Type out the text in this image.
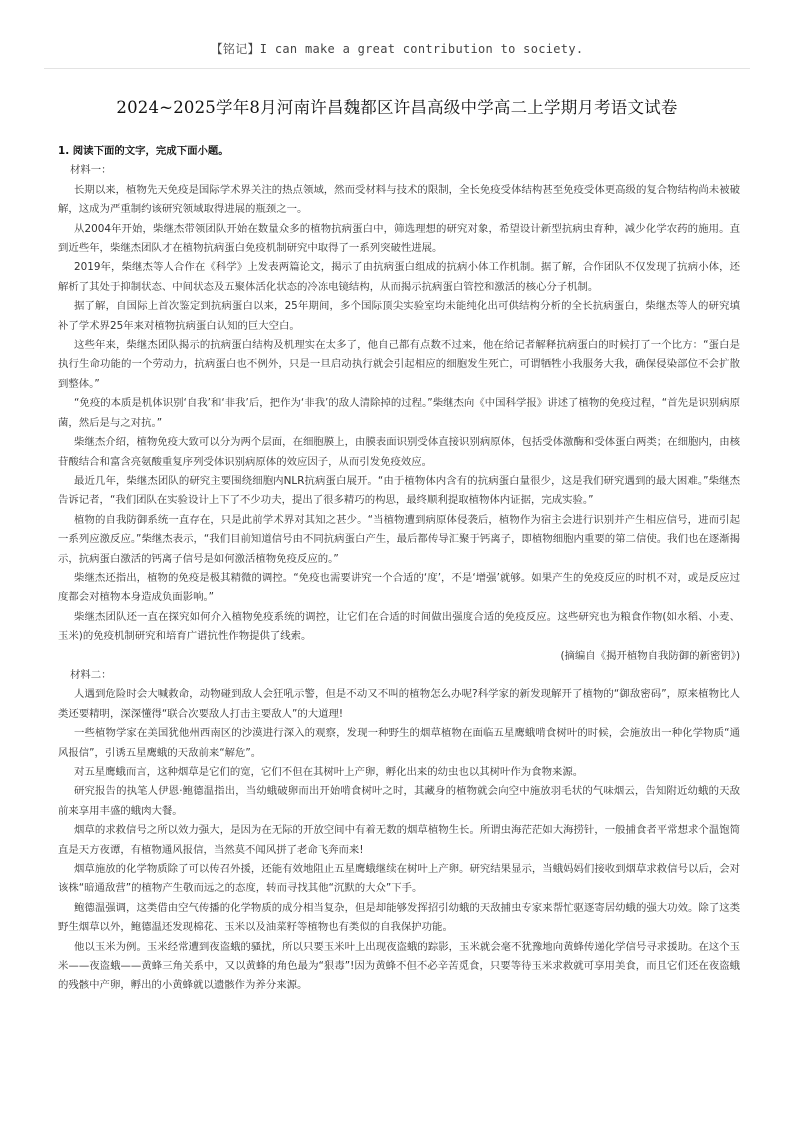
【铭记】I can make a great contribution to society.
2024~2025学年8月河南许昌魏都区许昌高级中学高二上学期月考语文试卷
1. 阅读下面的文字，完成下面小题。
材料一：

长期以来，植物先天免疫是国际学术界关注的热点领域，然而受材料与技术的限制，全长免疫受体结构甚至免疫受体更高级的复合物结构尚未被破解，这成为严重制约该研究领域取得进展的瓶颈之一。

从2004年开始，柴继杰带领团队开始在数量众多的植物抗病蛋白中，筛选理想的研究对象，希望设计新型抗病虫育种，减少化学农药的施用。直到近些年，柴继杰团队才在植物抗病蛋白免疫机制研究中取得了一系列突破性进展。

2019年，柴继杰等人合作在《科学》上发表两篇论文，揭示了由抗病蛋白组成的抗病小体工作机制。据了解，合作团队不仅发现了抗病小体，还解析了其处于抑制状态、中间状态及五聚体活化状态的冷冻电镜结构，从而揭示抗病蛋白管控和激活的核心分子机制。

据了解，自国际上首次鉴定到抗病蛋白以来，25年期间，多个国际顶尖实验室均未能纯化出可供结构分析的全长抗病蛋白，柴继杰等人的研究填补了学术界25年来对植物抗病蛋白认知的巨大空白。

这些年来，柴继杰团队揭示的抗病蛋白结构及机理实在太多了，他自己都有点数不过来，他在给记者解释抗病蛋白的时候打了一个比方：“蛋白是执行生命功能的一个劳动力，抗病蛋白也不例外，只是一旦启动执行就会引起相应的细胞发生死亡，可谓牺牲小我服务大我，确保侵染部位不会扩散到整体。”

“免疫的本质是机体识别‘自我’和‘非我’后，把作为‘非我’的敌人清除掉的过程。”柴继杰向《中国科学报》讲述了植物的免疫过程，“首先是识别病原菌，然后是与之对抗。”

柴继杰介绍，植物免疫大致可以分为两个层面，在细胞膜上，由膜表面识别受体直接识别病原体，包括受体激酶和受体蛋白两类；在细胞内，由核苷酸结合和富含亮氨酸重复序列受体识别病原体的效应因子，从而引发免疫效应。

最近几年，柴继杰团队的研究主要围绕细胞内NLR抗病蛋白展开。“由于植物体内含有的抗病蛋白量很少，这是我们研究遇到的最大困难。”柴继杰告诉记者，“我们团队在实验设计上下了不少功夫，提出了很多精巧的构思，最终顺利提取植物体内证据，完成实验。”

植物的自我防御系统一直存在，只是此前学术界对其知之甚少。“当植物遭到病原体侵袭后，植物作为宿主会进行识别并产生相应信号，进而引起一系列应激反应。”柴继杰表示，“我们目前知道信号由不同抗病蛋白产生，最后都传导汇聚于钙离子，即植物细胞内重要的第二信使。我们也在逐渐揭示，抗病蛋白激活的钙离子信号是如何激活植物免疫反应的。”

柴继杰还指出，植物的免疫是极其精微的调控。“免疫也需要讲究一个合适的‘度’，不是‘增强’就够。如果产生的免疫反应的时机不对，或是反应过度都会对植物本身造成负面影响。”

柴继杰团队还一直在探究如何介入植物免疫系统的调控，让它们在合适的时间做出强度合适的免疫反应。这些研究也为粮食作物(如水稻、小麦、玉米)的免疫机制研究和培育广谱抗性作物提供了线索。

(摘编自《揭开植物自我防御的新密钥》)
材料二：

人遇到危险时会大喊救命，动物碰到敌人会狂吼示警，但是不动又不叫的植物怎么办呢?科学家的新发现解开了植物的“御敌密码”，原来植物比人类还要精明，深深懂得“联合次要敌人打击主要敌人”的大道理!

一些植物学家在美国犹他州西南区的沙漠进行深入的观察，发现一种野生的烟草植物在面临五星鹰蛾啃食树叶的时候，会施放出一种化学物质“通风报信”，引诱五星鹰蛾的天敌前来“解危”。

对五星鹰蛾而言，这种烟草是它们的宽，它们不但在其树叶上产卵，孵化出来的幼虫也以其树叶作为食物来源。

研究报告的执笔人伊恩·鲍德温指出，当幼蛾破卵而出开始啃食树叶之时，其藏身的植物就会向空中施放羽毛状的气味烟云，告知附近幼蛾的天敌前来享用丰盛的蛾肉大餐。

烟草的求救信号之所以效力强大，是因为在无际的开放空间中有着无数的烟草植物生长。所谓虫海茫茫如大海捞针，一般捕食者平常想求个温饱简直是天方夜谭，有植物通风报信，当然莫不闻风拼了老命飞奔而来!

烟草施放的化学物质除了可以传召外援，还能有效地阻止五星鹰蛾继续在树叶上产卵。研究结果显示，当蛾妈妈们接收到烟草求救信号以后，会对该株“暗通敌营”的植物产生敬而远之的态度，转而寻找其他“沉默的大众”下手。

鲍德温强调，这类借由空气传播的化学物质的成分相当复杂，但是却能够发挥招引幼蛾的天敌捕虫专家来帮忙驱逐寄居幼蛾的强大功效。除了这类野生烟草以外，鲍德温还发现棉花、玉米以及油菜籽等植物也有类似的自我保护功能。

他以玉米为例。玉米经常遭到夜盗蛾的骚扰，所以只要玉米叶上出现夜盗蛾的踪影，玉米就会毫不犹豫地向黄蜂传递化学信号寻求援助。在这个玉米——夜盗蛾——黄蜂三角关系中，又以黄蜂的角色最为“狠毒”!因为黄蜂不但不必辛苦觅食，只要等待玉米求救就可享用美食，而且它们还在夜盗蛾的残骸中产卵，孵出的小黄蜂就以遗骸作为养分来源。
